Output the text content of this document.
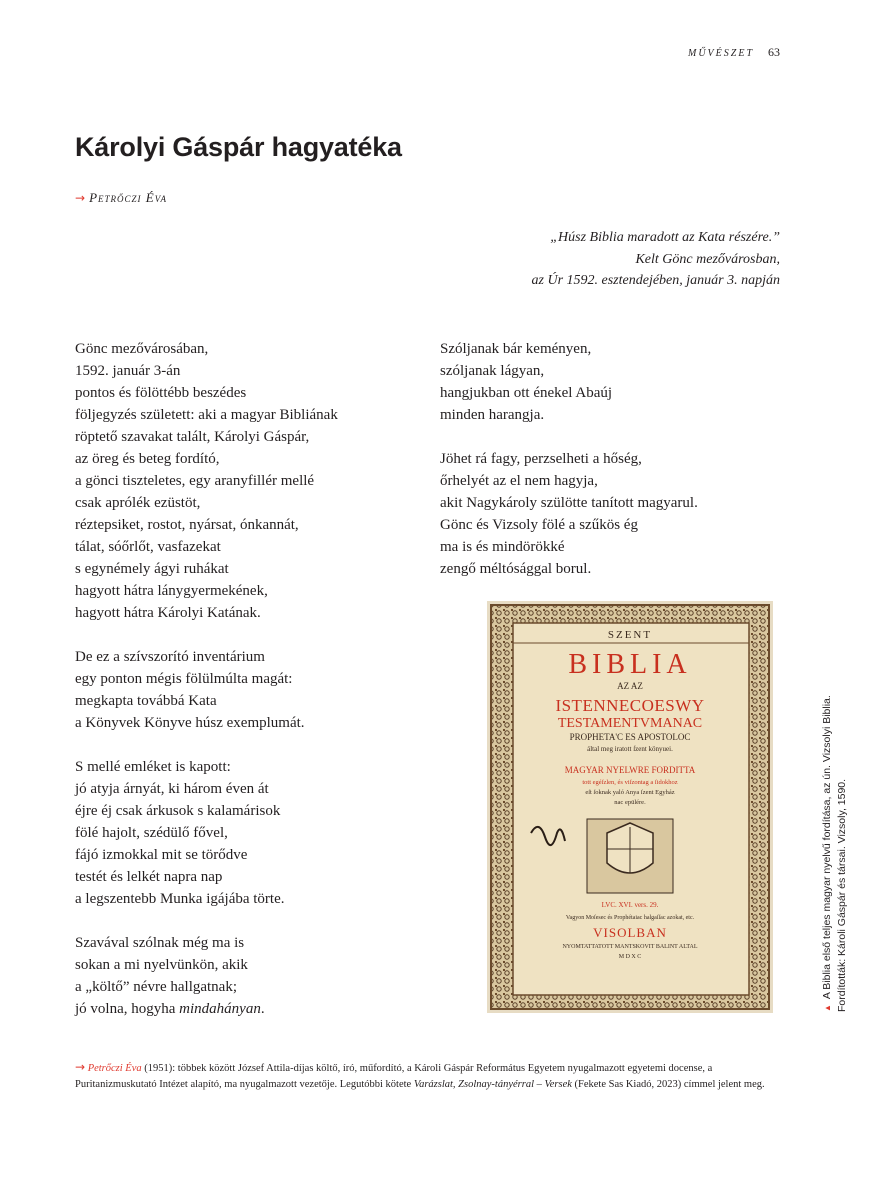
MŰVÉSZET 63
Károlyi Gáspár hagyatéka
→ Petrőczi Éva
„Húsz Biblia maradott az Kata részére.”
Kelt Gönc mezővárosban,
az Úr 1592. esztendejében, január 3. napján
Gönc mezővárosában,
1592. január 3-án
pontos és fölöttébb beszédes
följegyzés született: aki a magyar Bibliának
röptető szavakat talált, Károlyi Gáspár,
az öreg és beteg fordító,
a gönci tiszteletes, egy aranyfillér mellé
csak aprólék ezüstöt,
réztepsiket, rostot, nyársat, ónkannát,
tálat, sóőrlőt, vasfazekat
s egynémely ágyi ruhákat
hagyott hátra lánygyermekének,
hagyott hátra Károlyi Katának.
De ez a szívszorító inventárium
egy ponton mégis fölülmúlta magát:
megkapta továbbá Kata
a Könyvek Könyve húsz exemplumát.
S mellé emléket is kapott:
jó atyja árnyát, ki három éven át
éjre éj csak árkusok s kalamárisok
fölé hajolt, szédülő fővel,
fájó izmokkal mit se törődve
testét és lelkét napra nap
a legszentebb Munka igájába törte.
Szavával szólnak még ma is
sokan a mi nyelvünkön, akik
a „költő” névre hallgatnak;
jó volna, hogyha mindahányan.
Szóljanak bár keményen,
szóljanak lágyan,
hangjukban ott énekel Abaúj
minden harangja.
Jöhet rá fagy, perzselheti a hőség,
őrhelyét az el nem hagyja,
akit Nagykároly szülötte tanított magyarul.
Gönc és Vizsoly fölé a szűkös ég
ma is és mindörökké
zengő méltósággal borul.
SZENT
BIBLIA
AZ AZ
ISTENNECOESWY
TESTAMENTVMANAC
PROPHETA'C ES APOSTOLOC
által meg iratott ſzent könyuei.
MAGYAR NYELWRE FORDITTA
tott egéſzlen, és viſzontag a ſidokhoz
eſt ſoknak yaló Anya ſzent Egyház
nac epülére.
LVC. XVI. vers. 29.
Vagyon Moſesec és Prophétaiac halgaſſac azokat, etc.
VISOLBAN
NYOMTATTATOTT MANTSKOVIT BALINT ALTAL
M D X C
▲A Biblia első teljes magyar nyelvű fordítása, az ún. Vizsolyi Biblia. Fordították: Károli Gáspár és társai. Vizsoly, 1590.
→ Petrőczi Éva (1951): többek között József Attila-díjas költő, író, műfordító, a Károli Gáspár Református Egyetem nyugalmazott egyetemi docense, a Puritanizmuskutató Intézet alapító, ma nyugalmazott vezetője. Legutóbbi kötete Varázslat, Zsolnay-tányérral – Versek (Fekete Sas Kiadó, 2023) címmel jelent meg.
